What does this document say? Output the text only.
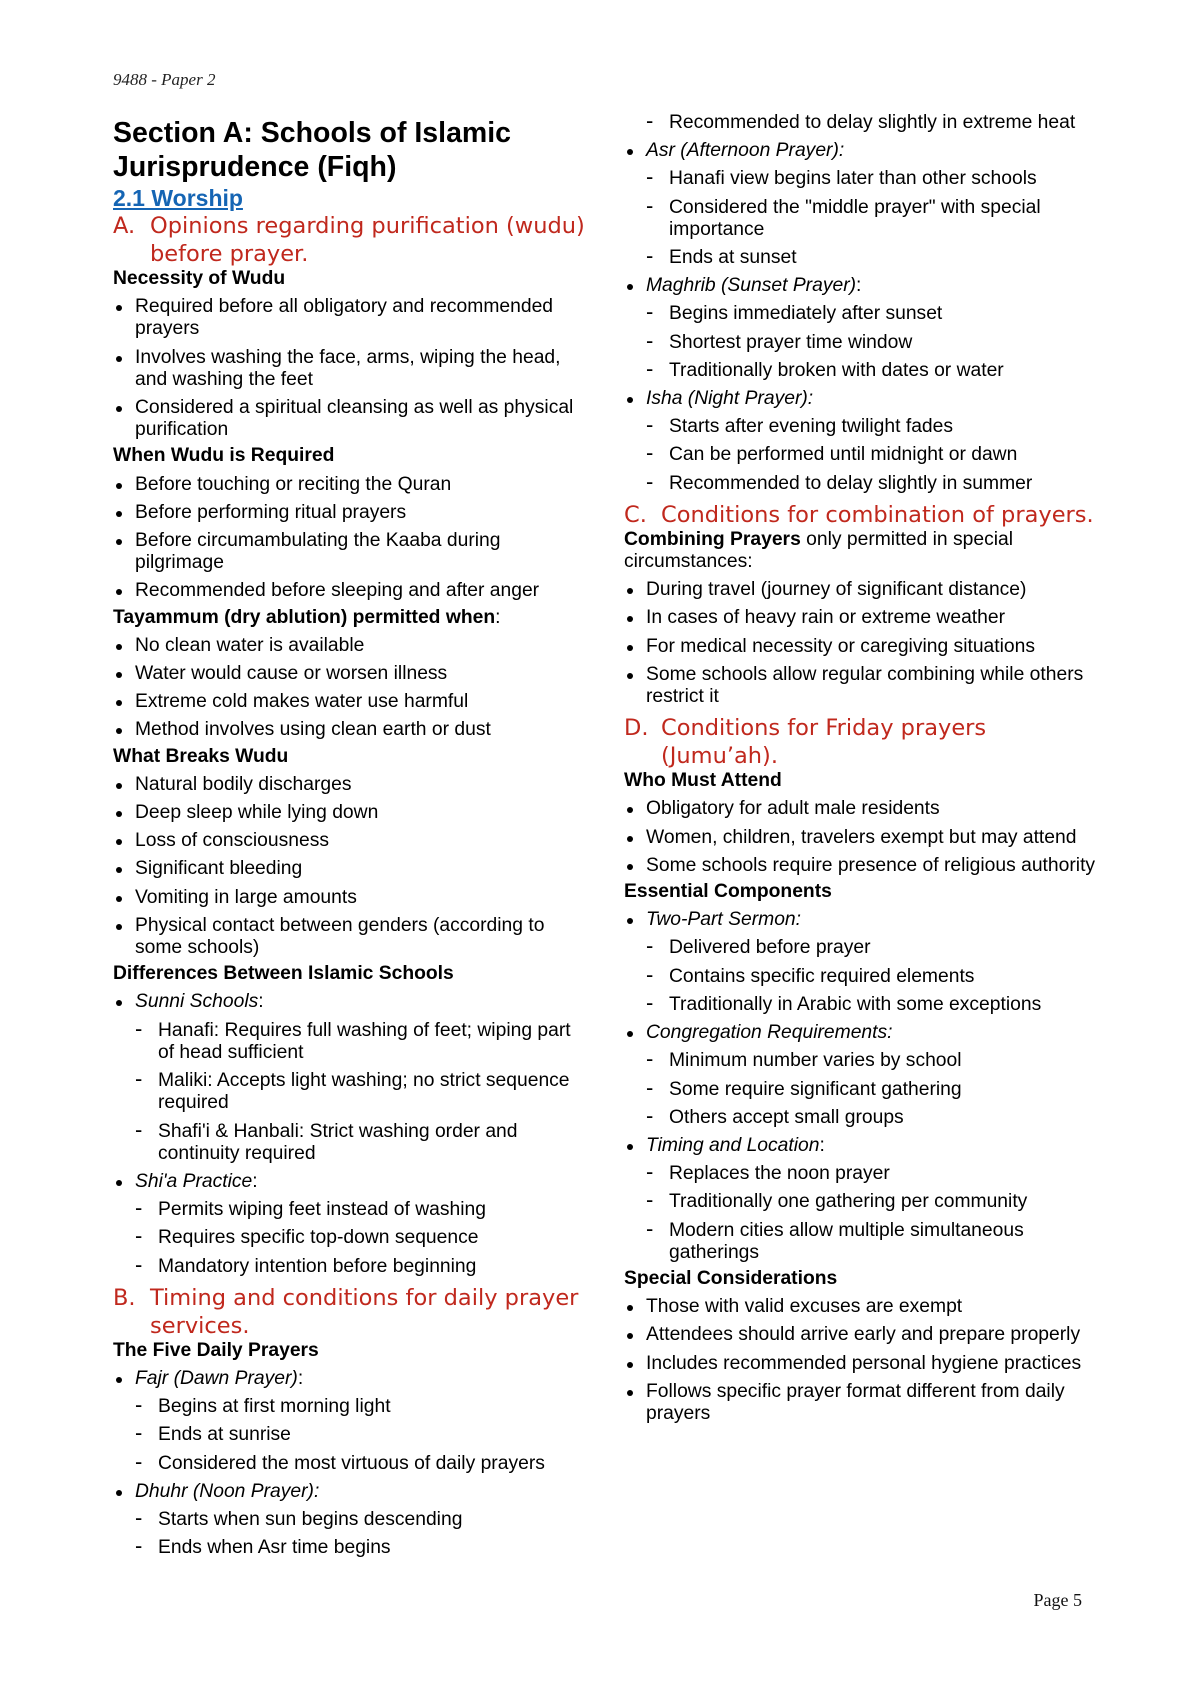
9488 - Paper 2
Section A: Schools of Islamic Jurisprudence (Fiqh)
2.1 Worship
A. Opinions regarding purification (wudu) before prayer.
Necessity of Wudu
Required before all obligatory and recommended prayers
Involves washing the face, arms, wiping the head, and washing the feet
Considered a spiritual cleansing as well as physical purification
When Wudu is Required
Before touching or reciting the Quran
Before performing ritual prayers
Before circumambulating the Kaaba during pilgrimage
Recommended before sleeping and after anger
Tayammum (dry ablution) permitted when:
No clean water is available
Water would cause or worsen illness
Extreme cold makes water use harmful
Method involves using clean earth or dust
What Breaks Wudu
Natural bodily discharges
Deep sleep while lying down
Loss of consciousness
Significant bleeding
Vomiting in large amounts
Physical contact between genders (according to some schools)
Differences Between Islamic Schools
Sunni Schools:
- Hanafi: Requires full washing of feet; wiping part of head sufficient
- Maliki: Accepts light washing; no strict sequence required
- Shafi'i & Hanbali: Strict washing order and continuity required
Shi'a Practice:
- Permits wiping feet instead of washing
- Requires specific top-down sequence
- Mandatory intention before beginning
B. Timing and conditions for daily prayer services.
The Five Daily Prayers
Fajr (Dawn Prayer):
- Begins at first morning light
- Ends at sunrise
- Considered the most virtuous of daily prayers
Dhuhr (Noon Prayer):
- Starts when sun begins descending
- Ends when Asr time begins
- Recommended to delay slightly in extreme heat
Asr (Afternoon Prayer):
- Hanafi view begins later than other schools
- Considered the "middle prayer" with special importance
- Ends at sunset
Maghrib (Sunset Prayer):
- Begins immediately after sunset
- Shortest prayer time window
- Traditionally broken with dates or water
Isha (Night Prayer):
- Starts after evening twilight fades
- Can be performed until midnight or dawn
- Recommended to delay slightly in summer
C. Conditions for combination of prayers.

Combining Prayers only permitted in special circumstances:

During travel (journey of significant distance)
In cases of heavy rain or extreme weather
For medical necessity or caregiving situations
Some schools allow regular combining while others restrict it
D. Conditions for Friday prayers (Jumu’ah).
Who Must Attend
Obligatory for adult male residents
Women, children, travelers exempt but may attend
Some schools require presence of religious authority
Essential Components
Two-Part Sermon:
- Delivered before prayer
- Contains specific required elements
- Traditionally in Arabic with some exceptions
Congregation Requirements:
- Minimum number varies by school
- Some require significant gathering
- Others accept small groups
Timing and Location:
- Replaces the noon prayer
- Traditionally one gathering per community
- Modern cities allow multiple simultaneous gatherings
Special Considerations
Those with valid excuses are exempt
Attendees should arrive early and prepare properly
Includes recommended personal hygiene practices
Follows specific prayer format different from daily prayers
Page 5
